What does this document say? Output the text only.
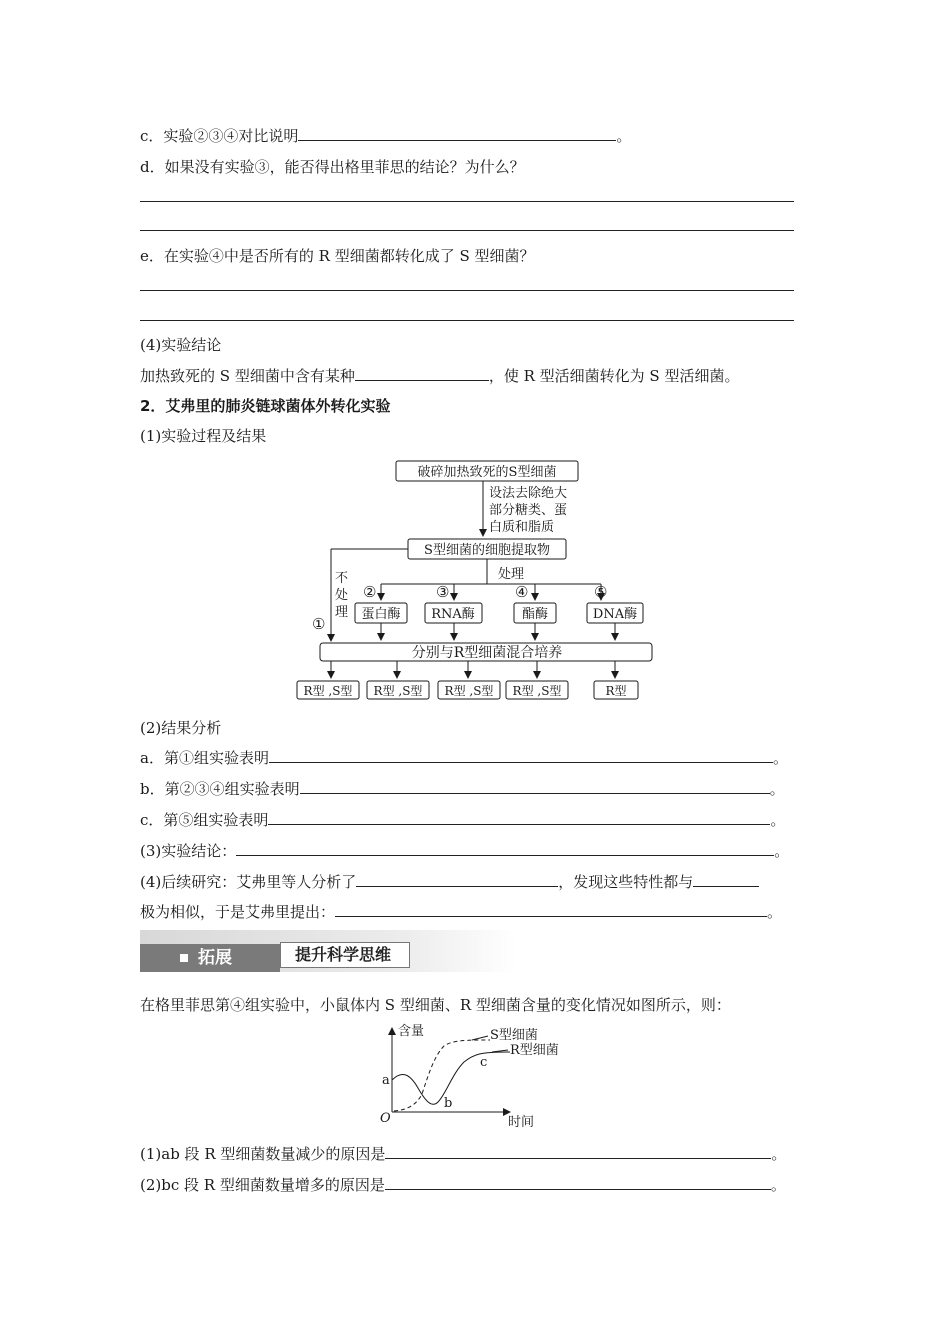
c．实验②③④对比说明	。
d．如果没有实验③，能否得出格里菲思的结论？为什么？
e．在实验④中是否所有的 R 型细菌都转化成了 S 型细菌？
(4)实验结论
加热致死的 S 型细菌中含有某种	，使 R 型活细菌转化为 S 型活细菌。
2．艾弗里的肺炎链球菌体外转化实验
(1)实验过程及结果
破碎加热致死的S型细菌
设法去除绝大
部分糖类、蛋
白质和脂质
S型细菌的细胞提取物
处理
不
处
理
①
②	③	④	⑤
蛋白酶 RNA酶	酯酶	DNA酶
分别与R型细菌混合培养
R型 ,S型 R型 ,S型 R型 ,S型 R型 ,S型	R型
(2)结果分析
a．第①组实验表明	。
b．第②③④组实验表明	。
c．第⑤组实验表明	。
(3)实验结论：	。
(4)后续研究：艾弗里等人分析了	，发现这些特性都与
极为相似，于是艾弗里提出：	。
拓展	提升科学思维
在格里菲思第④组实验中，小鼠体内 S 型细菌、R 型细菌含量的变化情况如图所示，则：
含量
时间
O
S型细菌
R型细菌
a
b
c
(1)ab 段 R 型细菌数量减少的原因是	。
(2)bc 段 R 型细菌数量增多的原因是	。
